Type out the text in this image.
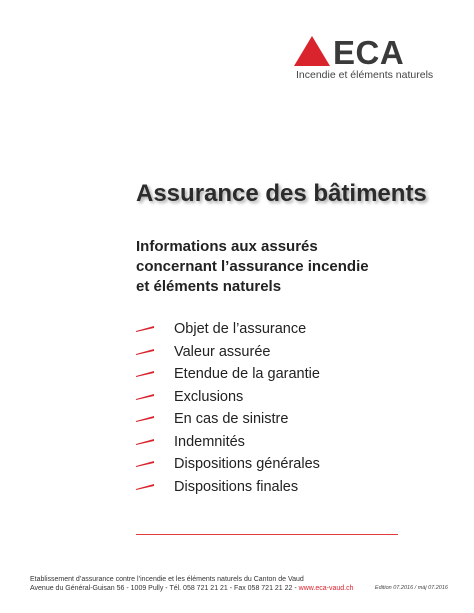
ECA
Incendie et éléments naturels
Assurance des bâtiments
Informations aux assurés
concernant l’assurance incendie
et éléments naturels
Objet de l’assurance
Valeur assurée
Etendue de la garantie
Exclusions
En cas de sinistre
Indemnités
Dispositions générales
Dispositions finales
Etablissement d’assurance contre l’incendie et les éléments naturels du Canton de Vaud
Avenue du Général-Guisan 56 - 1009 Pully - Tél. 058 721 21 21 - Fax 058 721 21 22 - www.eca-vaud.ch	Edition 07.2016 / màj 07.2016
